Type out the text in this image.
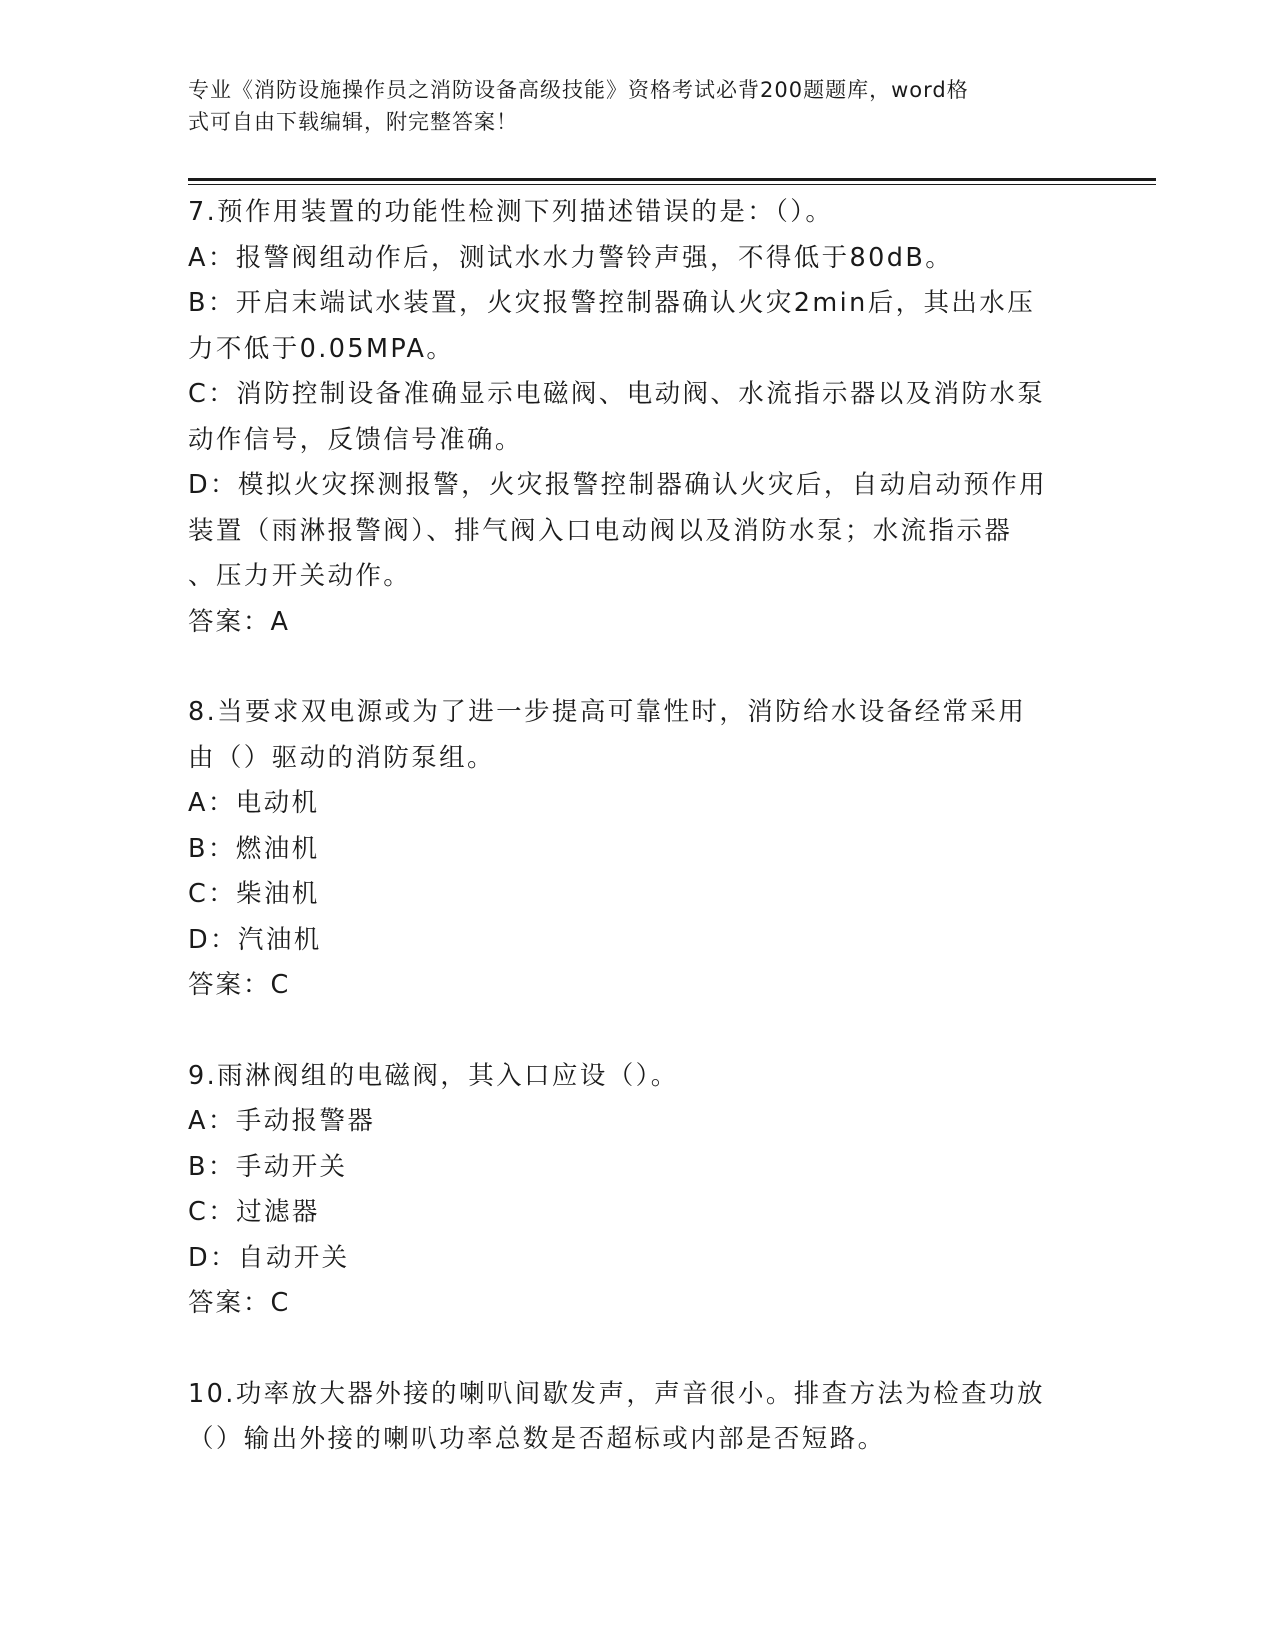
专业《消防设施操作员之消防设备高级技能》资格考试必背200题题库，word格
式可自由下载编辑，附完整答案！
7.预作用装置的功能性检测下列描述错误的是：（）。
A：报警阀组动作后，测试水水力警铃声强，不得低于80dB。
B：开启末端试水装置，火灾报警控制器确认火灾2min后，其出水压
力不低于0.05MPA。
C：消防控制设备准确显示电磁阀、电动阀、水流指示器以及消防水泵
动作信号，反馈信号准确。
D：模拟火灾探测报警，火灾报警控制器确认火灾后，自动启动预作用
装置（雨淋报警阀）、排气阀入口电动阀以及消防水泵；水流指示器
、压力开关动作。
答案：A
8.当要求双电源或为了进一步提高可靠性时，消防给水设备经常采用
由（）驱动的消防泵组。
A：电动机
B：燃油机
C：柴油机
D：汽油机
答案：C
9.雨淋阀组的电磁阀，其入口应设（）。
A：手动报警器
B：手动开关
C：过滤器
D：自动开关
答案：C
10.功率放大器外接的喇叭间歇发声，声音很小。排查方法为检查功放
（）输出外接的喇叭功率总数是否超标或内部是否短路。
